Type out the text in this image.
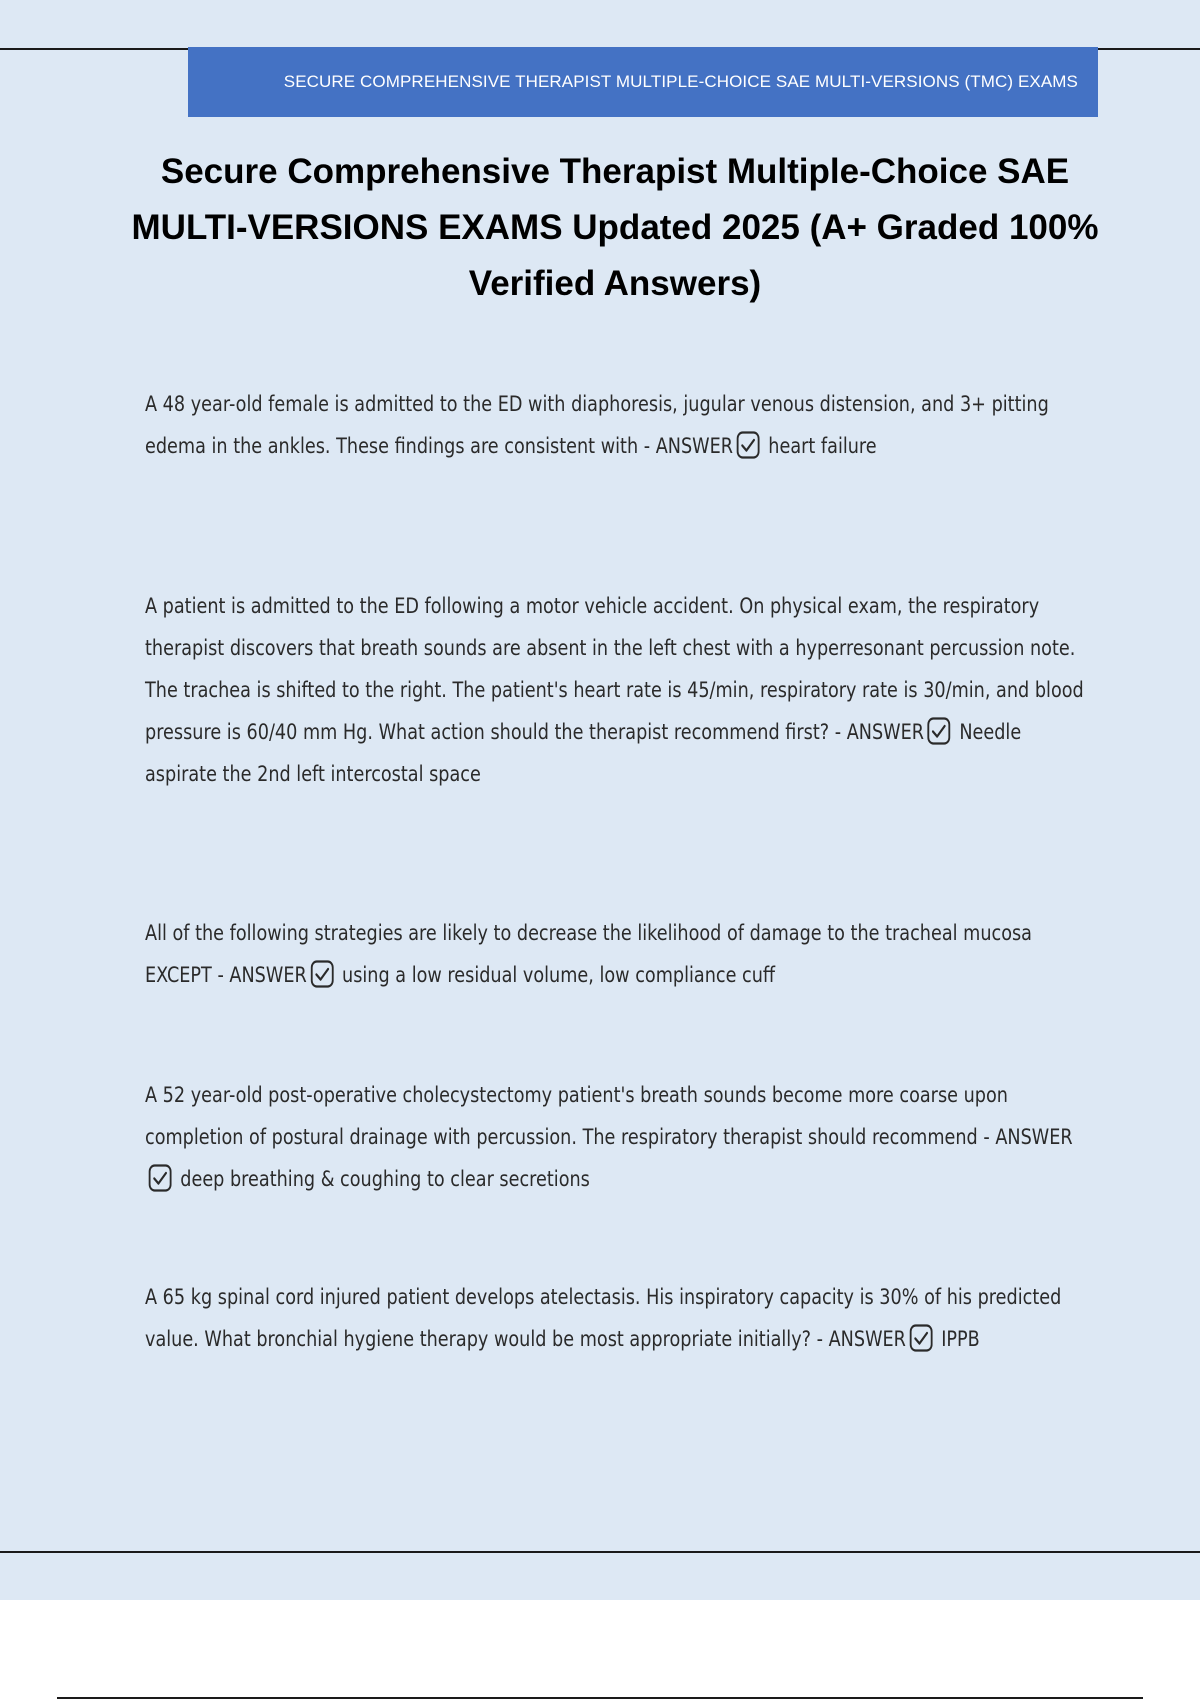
SECURE COMPREHENSIVE THERAPIST MULTIPLE-CHOICE SAE MULTI-VERSIONS (TMC) EXAMS
Secure Comprehensive Therapist Multiple-Choice SAE MULTI-VERSIONS EXAMS Updated 2025 (A+ Graded 100% Verified Answers)

A 48 year-old female is admitted to the ED with diaphoresis, jugular venous distension, and 3+ pitting edema in the ankles. These findings are consistent with - ANSWER heart failure

A patient is admitted to the ED following a motor vehicle accident. On physical exam, the respiratory therapist discovers that breath sounds are absent in the left chest with a hyperresonant percussion note. The trachea is shifted to the right. The patient's heart rate is 45/min, respiratory rate is 30/min, and blood pressure is 60/40 mm Hg. What action should the therapist recommend first? - ANSWER Needle aspirate the 2nd left intercostal space

All of the following strategies are likely to decrease the likelihood of damage to the tracheal mucosa EXCEPT - ANSWER using a low residual volume, low compliance cuff

A 52 year-old post-operative cholecystectomy patient's breath sounds become more coarse upon completion of postural drainage with percussion. The respiratory therapist should recommend - ANSWER
deep breathing & coughing to clear secretions

A 65 kg spinal cord injured patient develops atelectasis. His inspiratory capacity is 30% of his predicted value. What bronchial hygiene therapy would be most appropriate initially? - ANSWER IPPB
